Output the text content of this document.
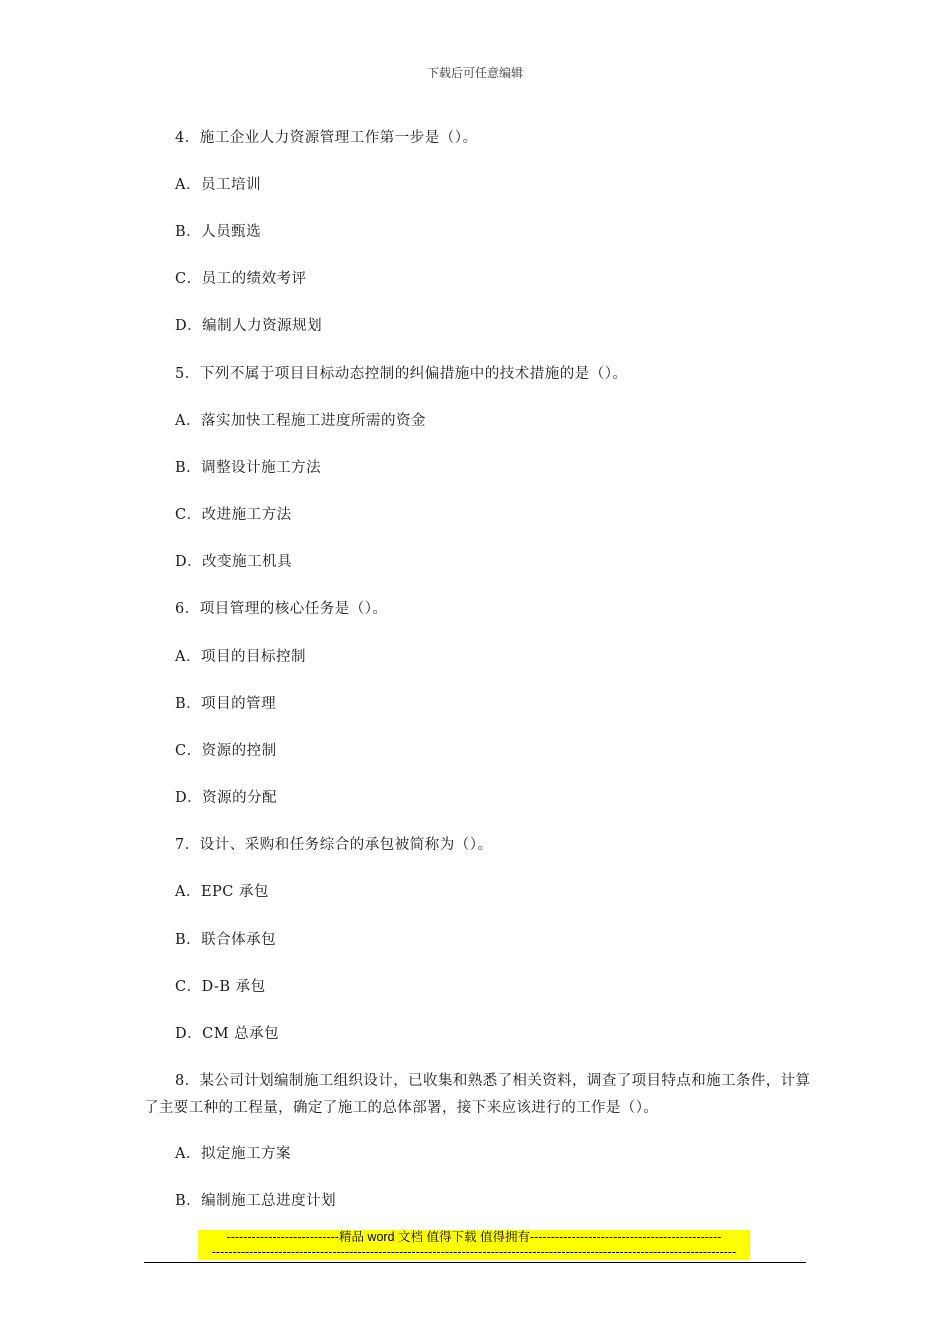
下载后可任意编辑
4．施工企业人力资源管理工作第一步是（）。
A．员工培训
B．人员甄选
C．员工的绩效考评
D．编制人力资源规划
5．下列不属于项目目标动态控制的纠偏措施中的技术措施的是（）。
A．落实加快工程施工进度所需的资金
B．调整设计施工方法
C．改进施工方法
D．改变施工机具
6．项目管理的核心任务是（）。
A．项目的目标控制
B．项目的管理
C．资源的控制
D．资源的分配
7．设计、采购和任务综合的承包被简称为（）。
A．EPC 承包
B．联合体承包
C．D-B 承包
D．CM 总承包
8．某公司计划编制施工组织设计，已收集和熟悉了相关资料，调查了项目特点和施工条件，计算了主要工种的工程量，确定了施工的总体部署，接下来应该进行的工作是（）。
A．拟定施工方案
B．编制施工总进度计划
---------------------------精品 word 文档 值得下载 值得拥有----------------------------------------------
------------------------------------------------------------------------------------------------------------------------------
